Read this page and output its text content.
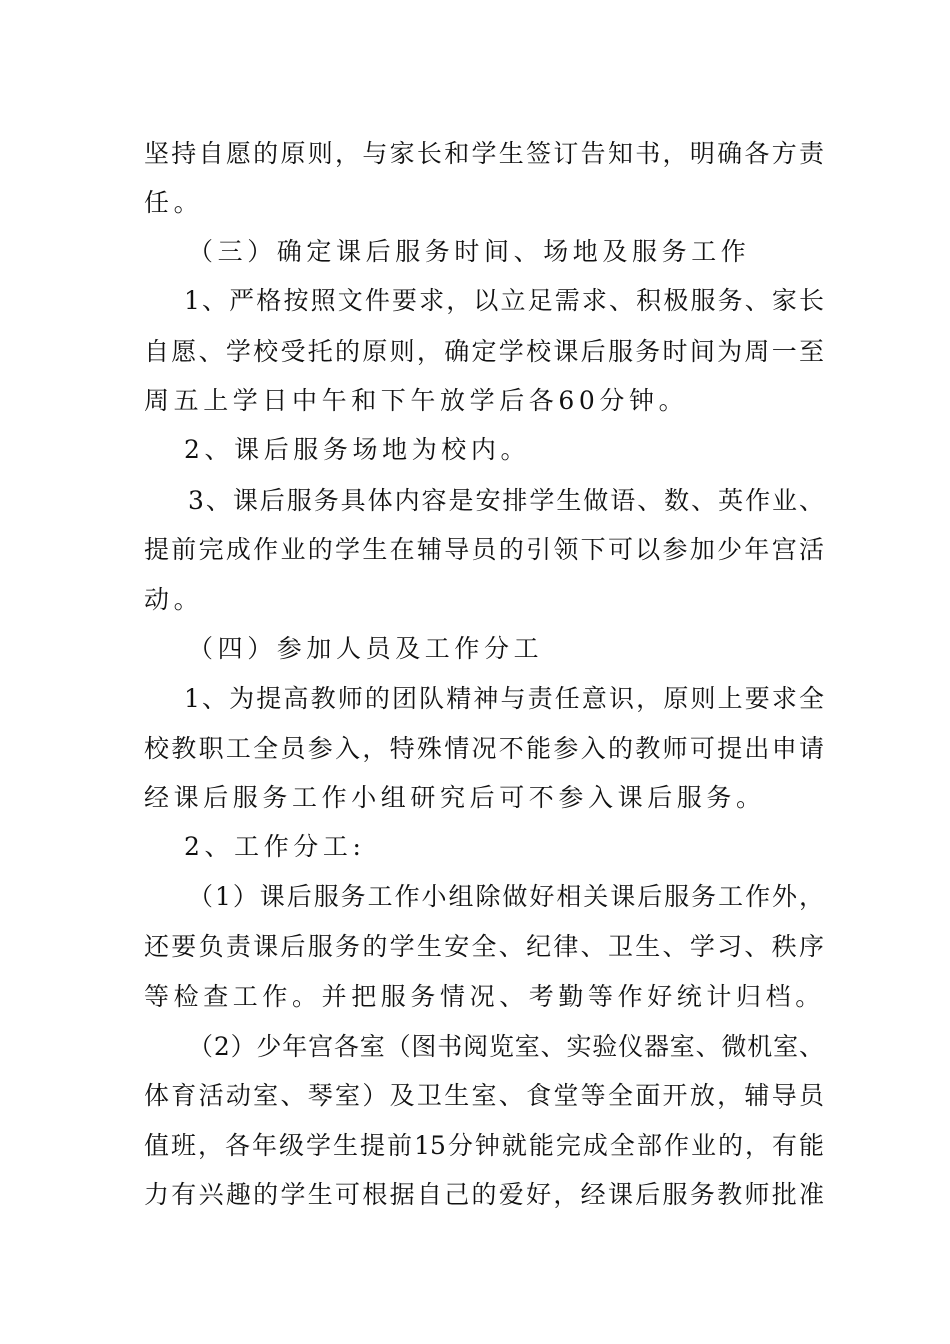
坚持自愿的原则，与家长和学生签订告知书，明确各方责
任。
（三）确定课后服务时间、场地及服务工作
1、严格按照文件要求，以立足需求、积极服务、家长
自愿、学校受托的原则，确定学校课后服务时间为周一至
周五上学日中午和下午放学后各60分钟。
2、课后服务场地为校内。
3、课后服务具体内容是安排学生做语、数、英作业、
提前完成作业的学生在辅导员的引领下可以参加少年宫活
动。
（四）参加人员及工作分工
1、为提高教师的团队精神与责任意识，原则上要求全
校教职工全员参入，特殊情况不能参入的教师可提出申请
经课后服务工作小组研究后可不参入课后服务。
2、工作分工:
（1）课后服务工作小组除做好相关课后服务工作外，
还要负责课后服务的学生安全、纪律、卫生、学习、秩序
等检查工作。并把服务情况、考勤等作好统计归档。
（2）少年宫各室（图书阅览室、实验仪器室、微机室、
体育活动室、琴室）及卫生室、食堂等全面开放，辅导员
值班，各年级学生提前15分钟就能完成全部作业的，有能
力有兴趣的学生可根据自己的爱好，经课后服务教师批准
